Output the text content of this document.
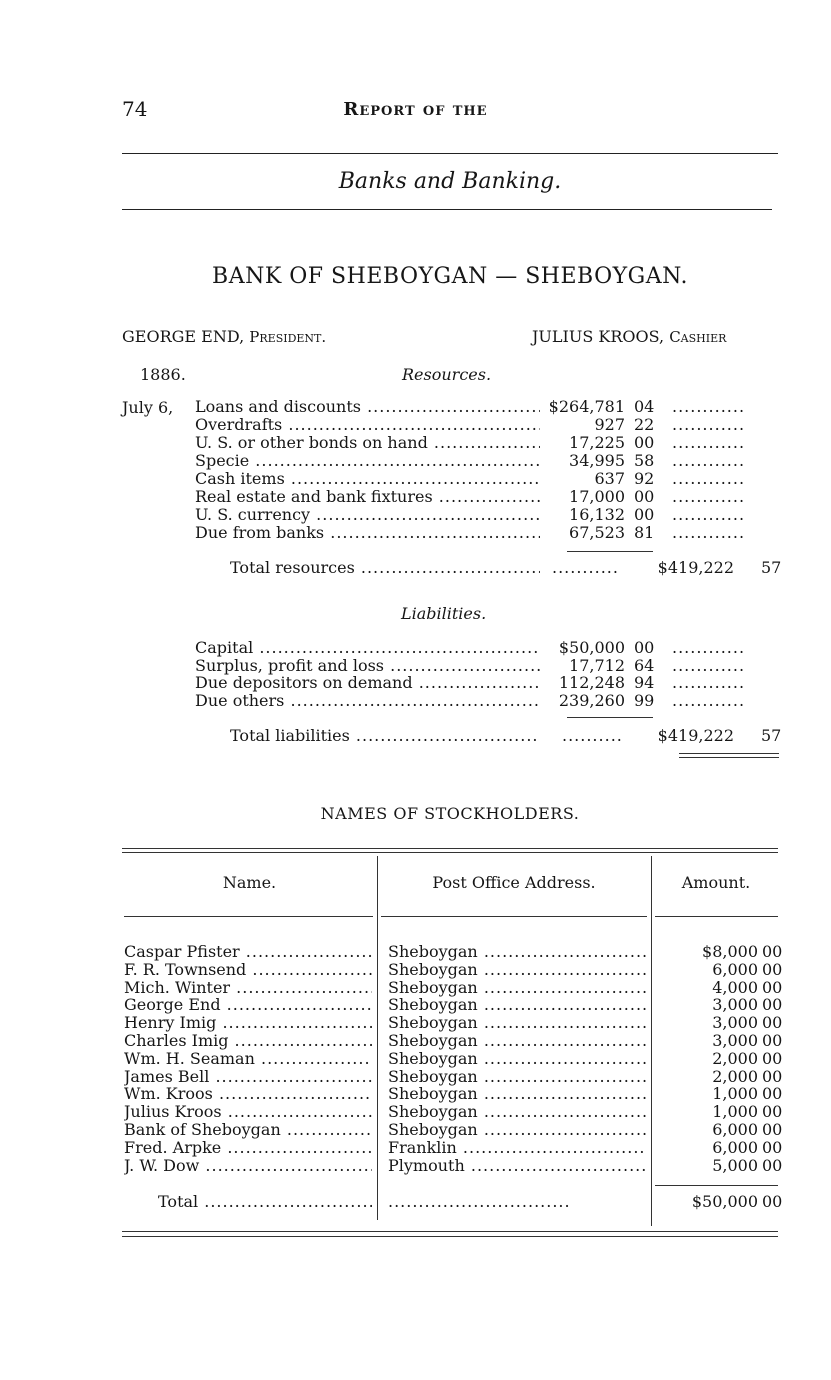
74	Report of the
Banks and Banking.
BANK OF SHEBOYGAN — SHEBOYGAN.
GEORGE END, President.	JULIUS KROOS, Cashier
1886.	Resources.
July 6, Loans and discounts .....	$264,781 04 ............
Overdrafts .....	927 22 ............
U. S. or other bonds on hand .....	17,225 00 ............
Specie .....	34,995 58 ............
Cash items .....	637 92 ............
Real estate and bank fixtures .....	17,000 00 ............
U. S. currency .....	16,132 00 ............
Due from banks .....	67,523 81 ............
Total resources .....	...........	$419,222 57
Liabilities.
Capital .....	$50,000 00 ............
Surplus, profit and loss .....	17,712 64 ............
Due depositors on demand .....	112,248 94 ............
Due others .....	239,260 99 ............
Total liabilities .....	..........	$419,222 57
NAMES OF STOCKHOLDERS.
Name.	Post Office Address.	Amount.
Caspar Pfister .....	Sheboygan .....	$8,000 00
F. R. Townsend .....	Sheboygan .....	6,000 00
Mich. Winter .....	Sheboygan .....	4,000 00
George End .....	Sheboygan .....	3,000 00
Henry Imig .....	Sheboygan .....	3,000 00
Charles Imig .....	Sheboygan .....	3,000 00
Wm. H. Seaman .....	Sheboygan .....	2,000 00
James Bell .....	Sheboygan .....	2,000 00
Wm. Kroos .....	Sheboygan .....	1,000 00
Julius Kroos .....	Sheboygan .....	1,000 00
Bank of Sheboygan .....	Sheboygan .....	6,000 00
Fred. Arpke .....	Franklin .....	6,000 00
J. W. Dow .....	Plymouth .....	5,000 00
Total .....	..............................	$50,000 00
